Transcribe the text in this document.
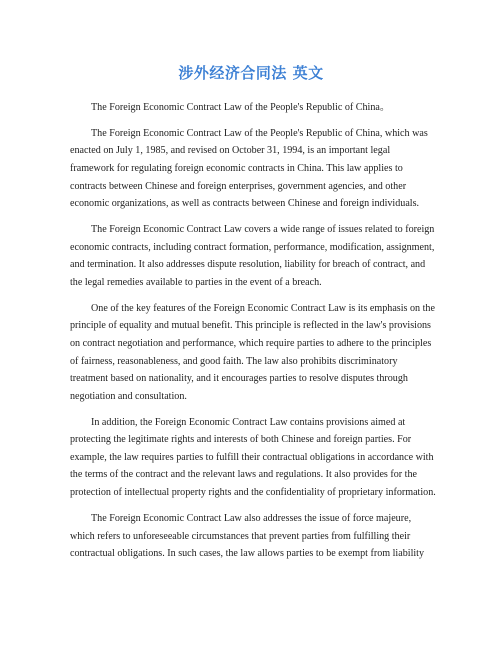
涉外经济合同法 英文

The Foreign Economic Contract Law of the People's Republic of China。

The Foreign Economic Contract Law of the People's Republic of China, which was enacted on July 1, 1985, and revised on October 31, 1994, is an important legal framework for regulating foreign economic contracts in China. This law applies to contracts between Chinese and foreign enterprises, government agencies, and other economic organizations, as well as contracts between Chinese and foreign individuals.

The Foreign Economic Contract Law covers a wide range of issues related to foreign economic contracts, including contract formation, performance, modification, assignment, and termination. It also addresses dispute resolution, liability for breach of contract, and the legal remedies available to parties in the event of a breach.

One of the key features of the Foreign Economic Contract Law is its emphasis on the principle of equality and mutual benefit. This principle is reflected in the law's provisions on contract negotiation and performance, which require parties to adhere to the principles of fairness, reasonableness, and good faith. The law also prohibits discriminatory treatment based on nationality, and it encourages parties to resolve disputes through negotiation and consultation.

In addition, the Foreign Economic Contract Law contains provisions aimed at protecting the legitimate rights and interests of both Chinese and foreign parties. For example, the law requires parties to fulfill their contractual obligations in accordance with the terms of the contract and the relevant laws and regulations. It also provides for the protection of intellectual property rights and the confidentiality of proprietary information.

The Foreign Economic Contract Law also addresses the issue of force majeure, which refers to unforeseeable circumstances that prevent parties from fulfilling their contractual obligations. In such cases, the law allows parties to be exempt from liability
